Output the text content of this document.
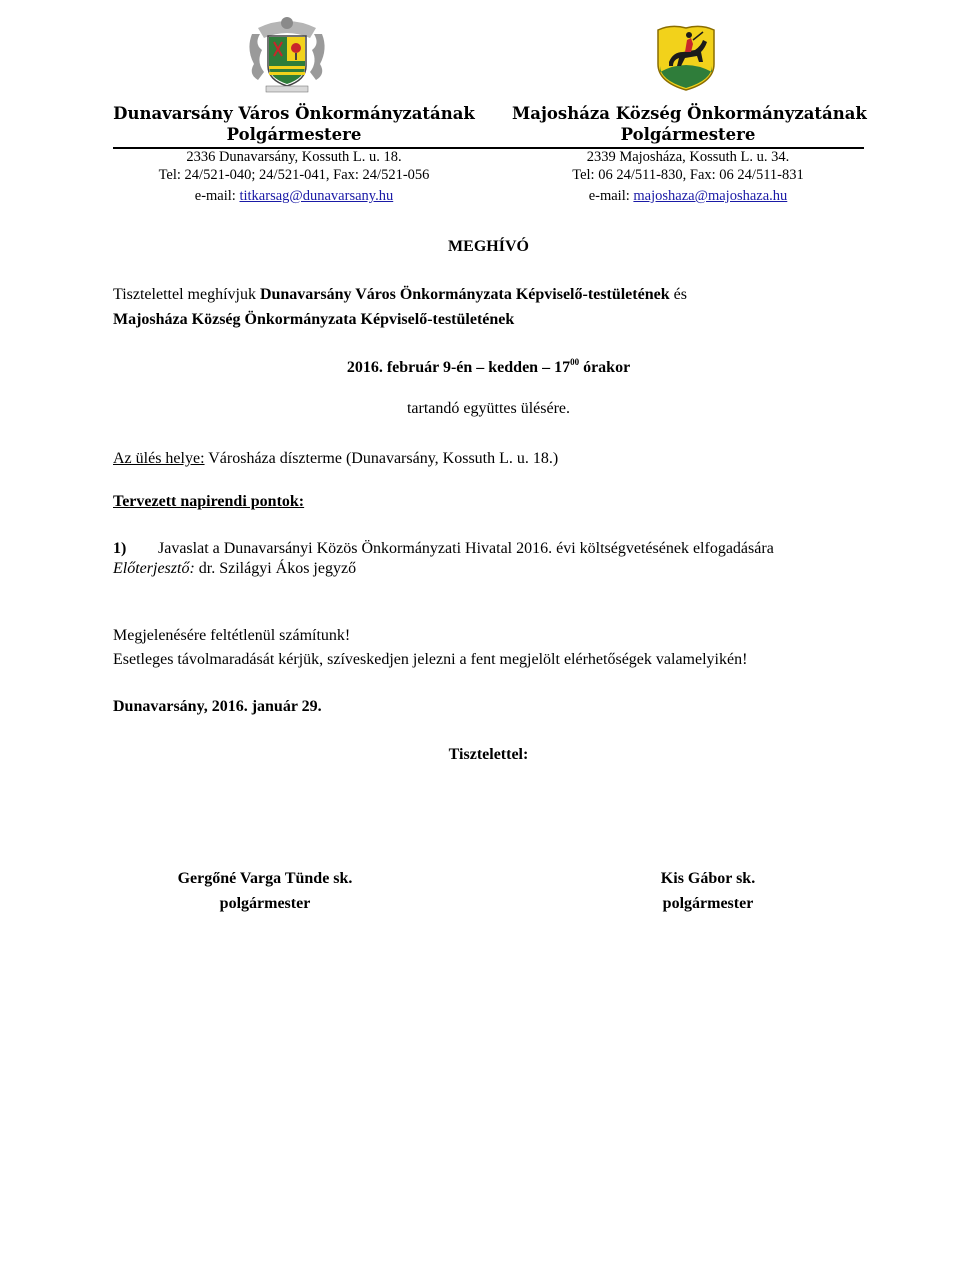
Dunavarsány Város Önkormányzatának
Polgármestere
Majosháza Község Önkormányzatának
Polgármestere
2336 Dunavarsány, Kossuth L. u. 18.
Tel: 24/521-040; 24/521-041, Fax: 24/521-056
e-mail: titkarsag@dunavarsany.hu
2339 Majosháza, Kossuth L. u. 34.
Tel: 06 24/511-830, Fax: 06 24/511-831
e-mail: majoshaza@majoshaza.hu
MEGHÍVÓ
Tisztelettel meghívjuk Dunavarsány Város Önkormányzata Képviselő-testületének és
Majosháza Község Önkormányzata Képviselő-testületének
2016. február 9-én – kedden – $17^{00}$ órakor
tartandó együttes ülésére.
Az ülés helye: Városháza díszterme (Dunavarsány, Kossuth L. u. 18.)
Tervezett napirendi pontok:
1) Javaslat a Dunavarsányi Közös Önkormányzati Hivatal 2016. évi költségvetésének elfogadására
Előterjesztő: dr. Szilágyi Ákos jegyző
Megjelenésére feltétlenül számítunk!
Esetleges távolmaradását kérjük, szíveskedjen jelezni a fent megjelölt elérhetőségek valamelyikén!
Dunavarsány, 2016. január 29.
Tisztelettel:
Gergőné Varga Tünde sk.
polgármester
Kis Gábor sk.
polgármester
